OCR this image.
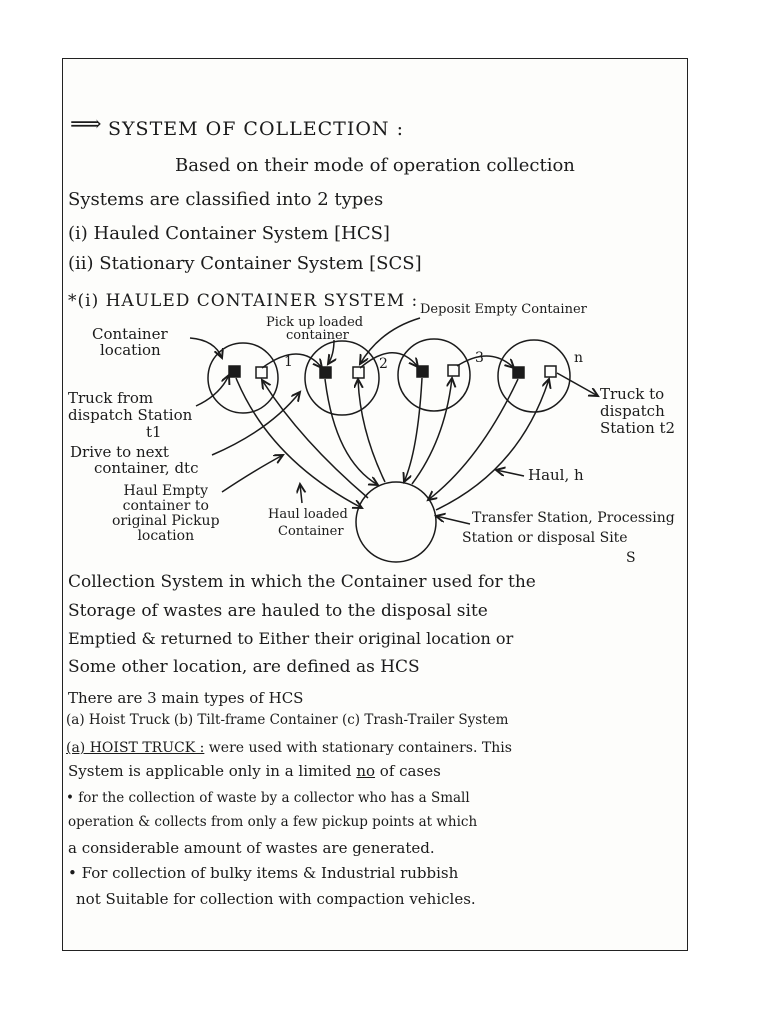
⟹ SYSTEM OF COLLECTION :
Based on their mode of operation collection
Systems are classified into 2 types
(i) Hauled Container System [HCS]
(ii) Stationary Container System [SCS]
*(i) HAULED CONTAINER SYSTEM :
Container
location
Pick up loaded
container
Deposit Empty Container
1	2	3	n
Truck from
dispatch Station
t1
Drive to next
container, dtc
Haul Empty
container to
original Pickup
location
Haul loaded
Container
Truck to
dispatch
Station t2
Haul, h
Transfer Station, Processing
Station or disposal Site
S
Collection System in which the Container used for the
Storage of wastes are hauled to the disposal site
Emptied & returned to Either their original location or
Some other location, are defined as HCS
There are 3 main types of HCS
(a) Hoist Truck (b) Tilt-frame Container (c) Trash-Trailer System
(a) HOIST TRUCK : were used with stationary containers. This
System is applicable only in a limited no of cases
• for the collection of waste by a collector who has a Small
operation & collects from only a few pickup points at which
a considerable amount of wastes are generated.
• For collection of bulky items & Industrial rubbish
not Suitable for collection with compaction vehicles.
